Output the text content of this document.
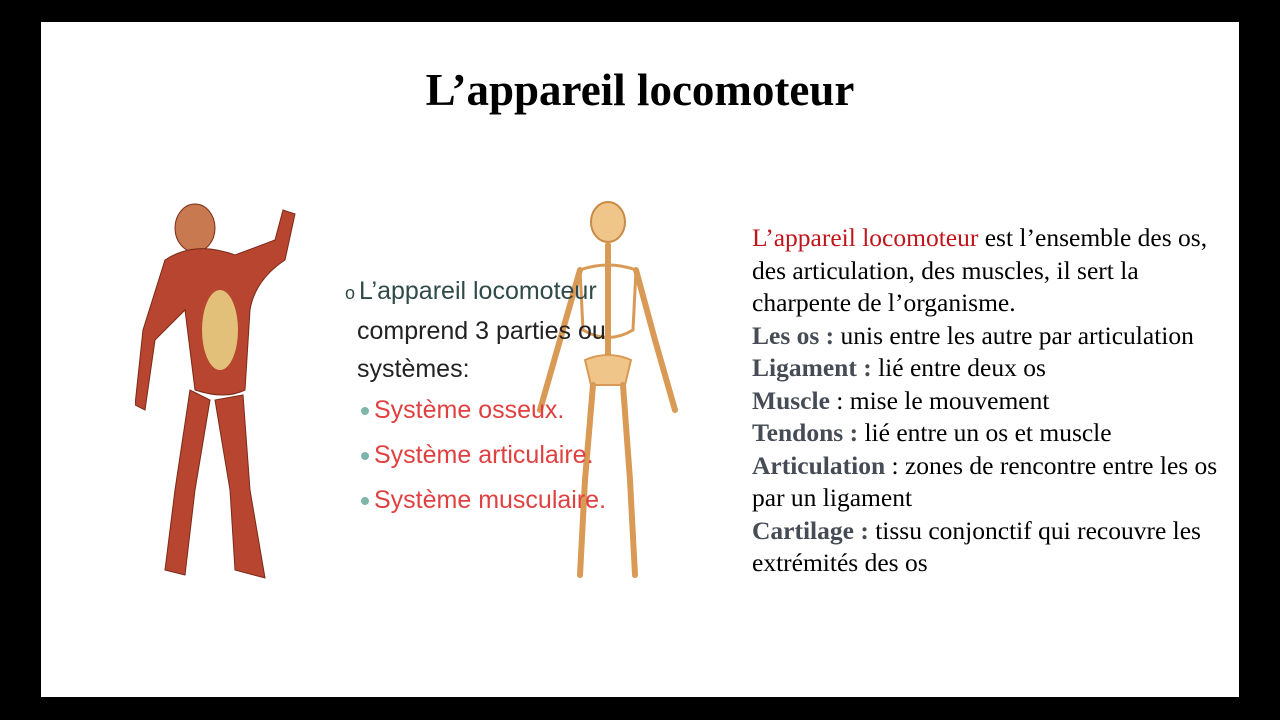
L’appareil locomoteur
o L’appareil locomoteur
comprend 3 parties ou
systèmes:
Système osseux.
Système articulaire.
Système musculaire.
L’appareil locomoteur est l’ensemble des os, des articulation, des muscles, il sert la charpente de l’organisme.
Les os : unis entre les autre par articulation
Ligament : lié entre deux os
Muscle : mise le mouvement
Tendons : lié entre un os et muscle
Articulation : zones de rencontre entre les os par un ligament
Cartilage : tissu conjonctif qui recouvre les extrémités des os
